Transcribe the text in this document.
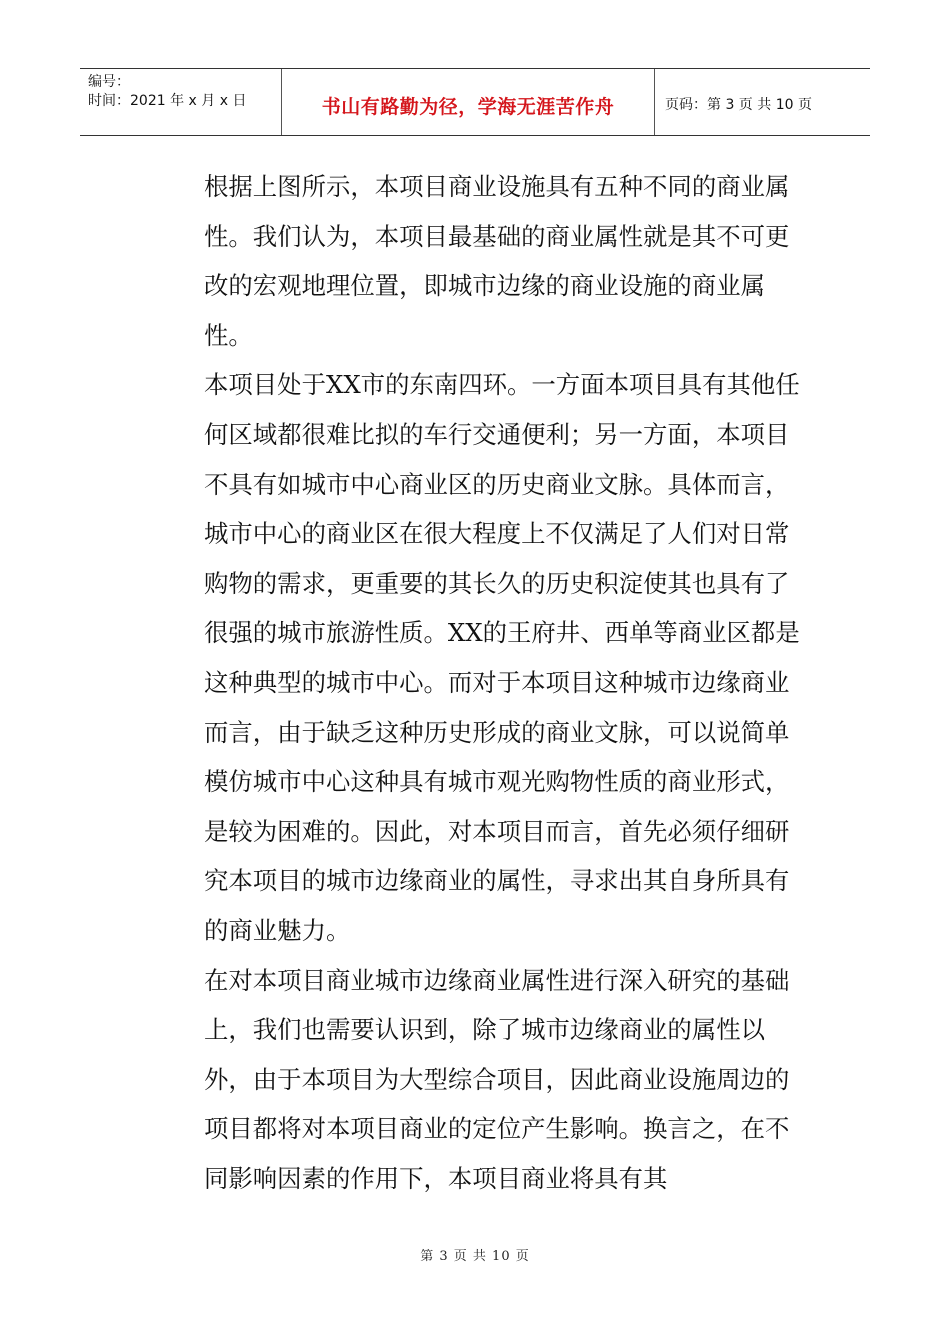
编号：
时间：2021 年 x 月 x 日	书山有路勤为径，学海无涯苦作舟	页码：第 3 页 共 10 页

根据上图所示，本项目商业设施具有五种不同的商业属性。我们认为，本项目最基础的商业属性就是其不可更改的宏观地理位置，即城市边缘的商业设施的商业属性。

本项目处于XX市的东南四环。一方面本项目具有其他任何区域都很难比拟的车行交通便利；另一方面，本项目不具有如城市中心商业区的历史商业文脉。具体而言，城市中心的商业区在很大程度上不仅满足了人们对日常购物的需求，更重要的其长久的历史积淀使其也具有了很强的城市旅游性质。XX的王府井、西单等商业区都是这种典型的城市中心。而对于本项目这种城市边缘商业而言，由于缺乏这种历史形成的商业文脉，可以说简单模仿城市中心这种具有城市观光购物性质的商业形式，是较为困难的。因此，对本项目而言，首先必须仔细研究本项目的城市边缘商业的属性，寻求出其自身所具有的商业魅力。

在对本项目商业城市边缘商业属性进行深入研究的基础上，我们也需要认识到，除了城市边缘商业的属性以外，由于本项目为大型综合项目，因此商业设施周边的项目都将对本项目商业的定位产生影响。换言之，在不同影响因素的作用下，本项目商业将具有其

第 3 页 共 10 页
